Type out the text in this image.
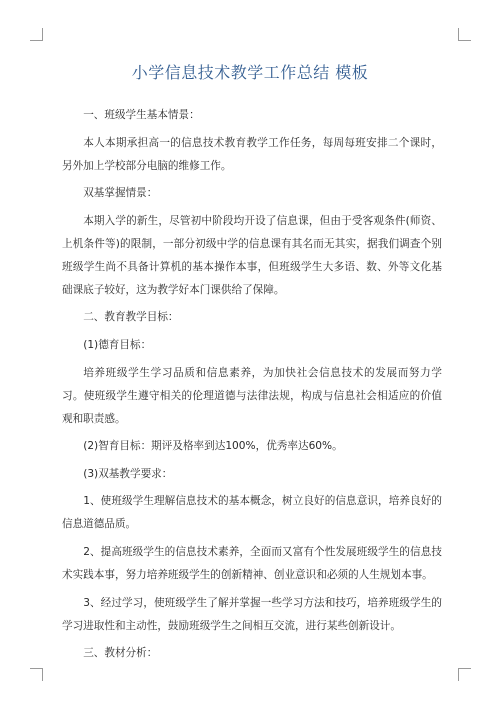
小学信息技术教学工作总结 模板

一、班级学生基本情景：

本人本期承担高一的信息技术教育教学工作任务，每周每班安排二个课时，另外加上学校部分电脑的维修工作。

双基掌握情景：

本期入学的新生，尽管初中阶段均开设了信息课，但由于受客观条件(师资、上机条件等)的限制，一部分初级中学的信息课有其名而无其实，据我们调查个别班级学生尚不具备计算机的基本操作本事，但班级学生大多语、数、外等文化基础课底子较好，这为教学好本门课供给了保障。

二、教育教学目标：

(1)德育目标：

培养班级学生学习品质和信息素养，为加快社会信息技术的发展而努力学习。使班级学生遵守相关的伦理道德与法律法规，构成与信息社会相适应的价值观和职责感。

(2)智育目标：期评及格率到达100%，优秀率达60%。

(3)双基教学要求：

1、使班级学生理解信息技术的基本概念，树立良好的信息意识，培养良好的信息道德品质。

2、提高班级学生的信息技术素养，全面而又富有个性发展班级学生的信息技术实践本事，努力培养班级学生的创新精神、创业意识和必须的人生规划本事。

3、经过学习，使班级学生了解并掌握一些学习方法和技巧，培养班级学生的学习进取性和主动性，鼓励班级学生之间相互交流，进行某些创新设计。

三、教材分析：
